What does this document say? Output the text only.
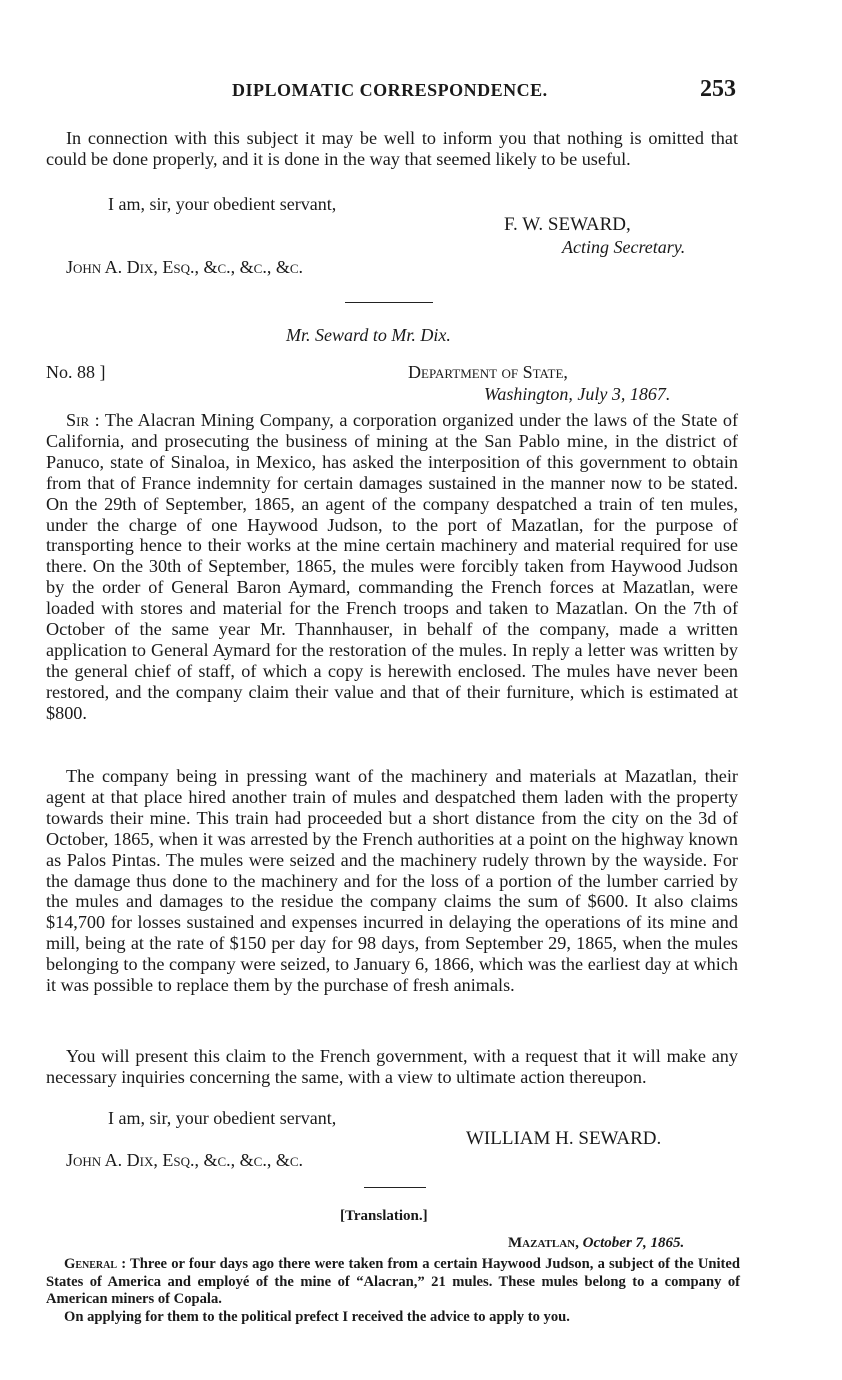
DIPLOMATIC CORRESPONDENCE.	253
In connection with this subject it may be well to inform you that nothing is omitted that could be done properly, and it is done in the way that seemed likely to be useful.
I am, sir, your obedient servant,
F. W. SEWARD,
Acting Secretary.
John A. Dix, Esq., &c., &c., &c.
Mr. Seward to Mr. Dix.
No. 88 ]	Department of State,
Washington, July 3, 1867.
Sir : The Alacran Mining Company, a corporation organized under the laws of the State of California, and prosecuting the business of mining at the San Pablo mine, in the district of Panuco, state of Sinaloa, in Mexico, has asked the interposition of this government to obtain from that of France indemnity for certain damages sustained in the manner now to be stated. On the 29th of September, 1865, an agent of the company despatched a train of ten mules, under the charge of one Haywood Judson, to the port of Mazatlan, for the purpose of transporting hence to their works at the mine certain machinery and material required for use there. On the 30th of September, 1865, the mules were forcibly taken from Haywood Judson by the order of General Baron Aymard, commanding the French forces at Mazatlan, were loaded with stores and material for the French troops and taken to Mazatlan. On the 7th of October of the same year Mr. Thannhauser, in behalf of the company, made a written application to General Aymard for the restoration of the mules. In reply a letter was written by the general chief of staff, of which a copy is herewith enclosed. The mules have never been restored, and the company claim their value and that of their furniture, which is estimated at $800.
The company being in pressing want of the machinery and materials at Mazatlan, their agent at that place hired another train of mules and despatched them laden with the property towards their mine. This train had proceeded but a short distance from the city on the 3d of October, 1865, when it was arrested by the French authorities at a point on the highway known as Palos Pintas. The mules were seized and the machinery rudely thrown by the wayside. For the damage thus done to the machinery and for the loss of a portion of the lumber carried by the mules and damages to the residue the company claims the sum of $600. It also claims $14,700 for losses sustained and expenses incurred in delaying the operations of its mine and mill, being at the rate of $150 per day for 98 days, from September 29, 1865, when the mules belonging to the company were seized, to January 6, 1866, which was the earliest day at which it was possible to replace them by the purchase of fresh animals.
You will present this claim to the French government, with a request that it will make any necessary inquiries concerning the same, with a view to ultimate action thereupon.
I am, sir, your obedient servant,
WILLIAM H. SEWARD.
John A. Dix, Esq., &c., &c., &c.
[Translation.]
Mazatlan, October 7, 1865.
General : Three or four days ago there were taken from a certain Haywood Judson, a subject of the United States of America and employé of the mine of “Alacran,” 21 mules. These mules belong to a company of American miners of Copala.
On applying for them to the political prefect I received the advice to apply to you.
